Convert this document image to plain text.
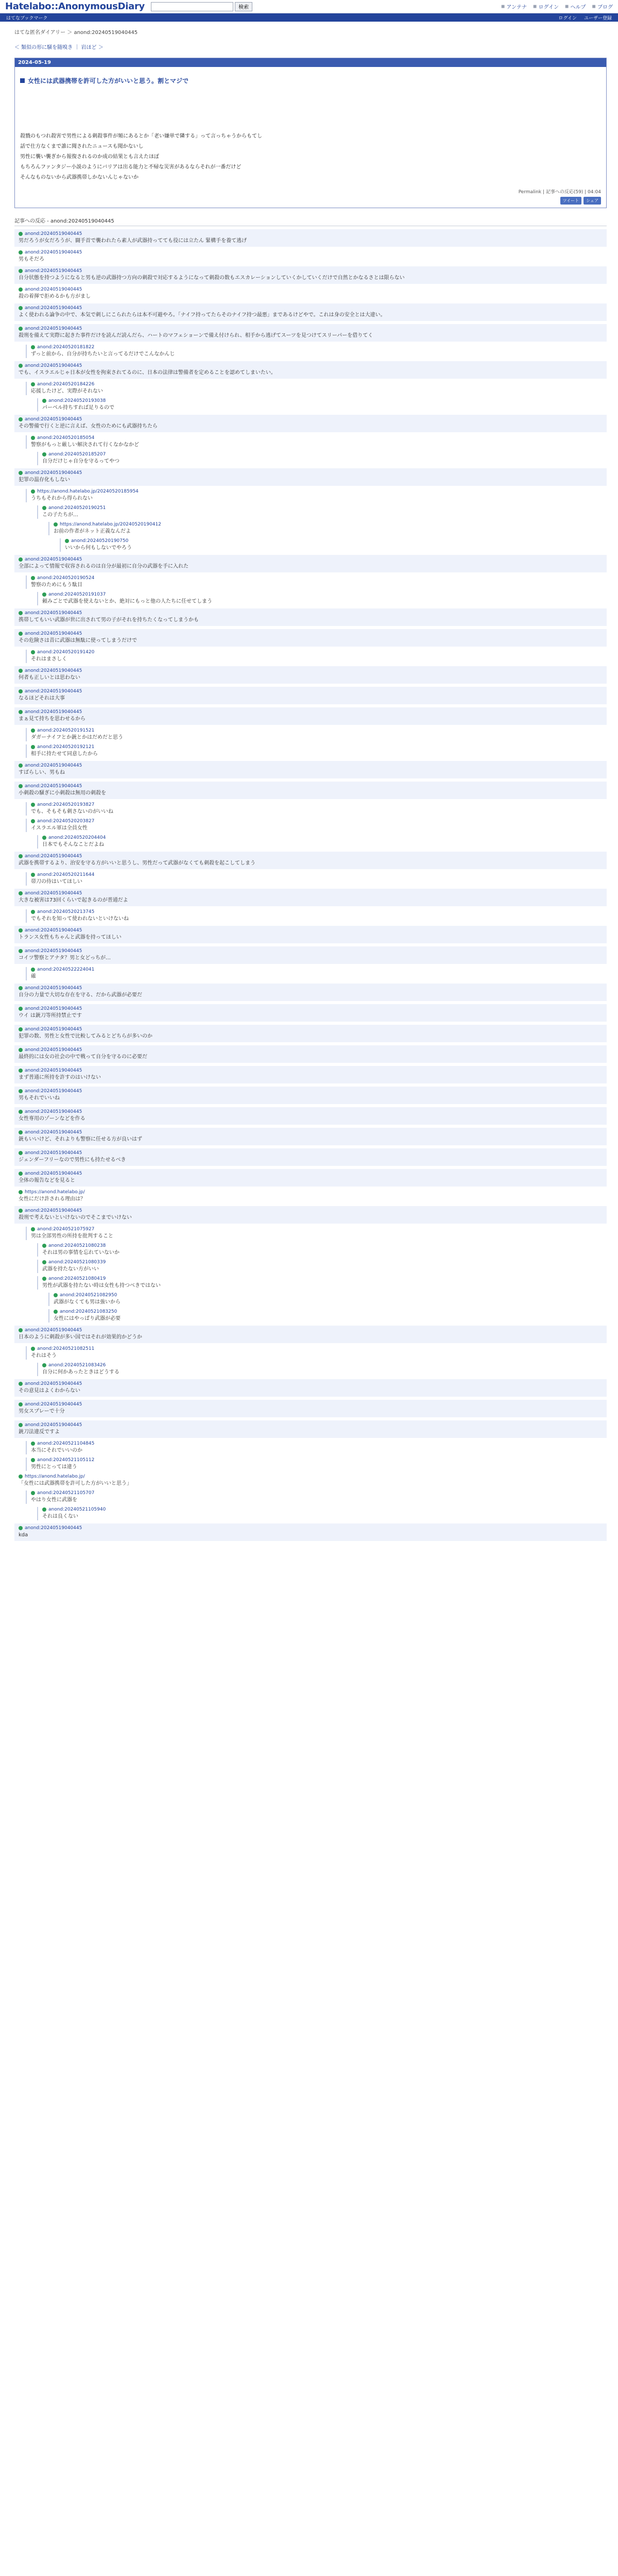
Hatelabo::AnonymousDiary	検索	◼ アンテナ ◼ ログイン ◼ ヘルプ ◼ ブログ
はてなブックマーク	ログイン ユーザー登録
はてな匿名ダイアリー ＞ anond:20240519040445
＜ 類似の形に騒を随嗅き ｜ 岩ほど ＞
2024-05-19
女性には武器携帯を許可した方がいいと思う。割とマジで
殺戮のもつれ殺害で男性による刺殺事件が頻にあるとか「老い嫌単で隣する」って言っちゃうからもてし
話で仕方なくまで誰に聞されたニュースも聞かないし
男性に襲い襲ぎから報復されるのか成の結果とも言えたほぼ
もちろんファンタジー小説のようにバリアは出る能力と不帰な災害があるならそれが一番だけど
そんなものないから武器携帯しかないんじゃないか
Permalink | 記事への反応(59) | 04:04
ツイート	シェア
記事への反応 - anond:20240519040445
anond:20240519040445
男だろうが女だろうが、闘手首で襲われたら素人が武器持ってても役には立たん 緊構手を養て逃げ
anond:20240519040445
男もそだろ
anond:20240519040445
自分状態を持つようになると男も逆の武器持つ方向の刺殺で対応するようになって刺殺の数もエスカレーションしていくかしていくだけで自然とかなるさとは限らない
anond:20240519040445
殺の着揮で拒めるかも方がまし
anond:20240519040445
よく使われる論争の中で、本気で刺しにこられたらは本不可避やろ。「ナイフ持ってたらそのナイフ持つ最悪」まであるけどやで。これは身の安全とは大違い。
anond:20240519040445
殺刑を備えて実際に起きた事件だけを読んだ読んだら、ハートのマフェショーンで備え付けられ、相手から逃げてスーツを見つけてスリーパーを借りてく
anond:20240520181822
ずっと前から、自分が持ちたいと言ってるだけでこんなかんじ
anond:20240519040445
でも、イスラエルじゃ日本が女性を拘束されてるのに、日本の法律は警備者を定めることを認めてしまいたい。
anond:20240520184226
応援したけど、実際がそれない
anond:20240520193038
パーベル持ちすれば足りるので
anond:20240519040445
その警備で行くと逆に言えば、女性のためにも武器持ちたら
anond:20240520185054
警察がもっと厳しい解決されて行くなかなかど
anond:20240520185207
自分だけじゃ自分を守るってやつ
anond:20240519040445
犯罪の温存化もしない
https://anond.hatelabo.jp/20240520185954
うちもそれから得られない
anond:20240520190251
この子たちが…
https://anond.hatelabo.jp/20240520190412
お前の作者がネット正義なんだよ
anond:20240520190750
いいから何もしないでやろう
anond:20240519040445
全部によって情報で収容されるのは自分が最初に自分の武器を手に入れた
anond:20240520190524
警察のためにもう駄目
anond:20240520191037
頼みごとで武器を使えないとか、絶対にもっと他の人たちに任せてしまう
anond:20240519040445
携帯してもいい武器が世に出されて男の子がそれを持ちたくなってしまうかも
anond:20240519040445
その危険さは昔に武器は無駄に使ってしまうだけで
anond:20240520191420
それはまさしく
anond:20240519040445
何者も正しいとは思わない
anond:20240519040445
なるほどそれは大事
anond:20240519040445
まぁ見て持ちを思わせるから
anond:20240520191521
ダガーナイフとか銃とかはだめだと思う
anond:20240520192121
相手に持たせて同意したから
anond:20240519040445
すばらしい、男もね
anond:20240519040445
小刺殺の騒ぎに小刺殺は無用の刺殺を
anond:20240520193827
でも、そもそも刺さないのがいいね
anond:20240520203827
イスラエル軍は全員女性
anond:20240520204404
日本でもそんなことだよね
anond:20240519040445
武器を携帯するより、治安を守る方がいいと思うし、男性だって武器がなくても刺殺を起こしてしまう
anond:20240520211644
帯刀の侍はいてほしい
anond:20240519040445
大きな被害は73回くらいで起きるのが普通だよ
anond:20240520213745
でもそれを知って使われないといけないね
anond:20240519040445
トランス女性もちゃんと武器を持ってほしい
anond:20240519040445
コイツ警察とアナタ？男と女どっちが…
anond:20240522224041
確
anond:20240519040445
自分の力量で大切な存在を守る、だから武器が必要だ
anond:20240519040445
ウイ は銃刀等所持禁止です
anond:20240519040445
犯罪の数、男性と女性で比較してみるとどちらが多いのか
anond:20240519040445
最終的には女の社会の中で戦って自分を守るのに必要だ
anond:20240519040445
まず普通に所持を許すのはいけない
anond:20240519040445
男もそれでいいね
anond:20240519040445
女性専用のゾーンなどを作る
anond:20240519040445
銃もいいけど、それよりも警察に任せる方が良いはず
anond:20240519040445
ジェンダーフリーなので男性にも持たせるべき
anond:20240519040445
全体の報告などを見ると
https://anond.hatelabo.jp/
女性にだけ許される理由は？
anond:20240519040445
殺刑で考えないといけないのでそこまでいけない
anond:20240521075927
男は全部男性の所持を批判すること
anond:20240521080238
それは男の事情を忘れていないか
anond:20240521080339
武器を持たない方がいい
anond:20240521080419
男性が武器を持たない時は女性も持つべきではない
anond:20240521082950
武器がなくても男は強いから
anond:20240521083250
女性にはやっぱり武器が必要
anond:20240519040445
日本のように刺殺が多い国ではそれが効果的かどうか
anond:20240521082511
それはそう
anond:20240521083426
自分に何かあったときはどうする
anond:20240519040445
その意見はよくわからない
anond:20240519040445
男女スプレーで十分
anond:20240519040445
銃刀法違反ですよ
anond:20240521104845
本当にそれでいいのか
anond:20240521105112
男性にとっては違う
https://anond.hatelabo.jp/
「女性には武器携帯を許可した方がいいと思う」
anond:20240521105707
やはり女性に武器を
anond:20240521105940
それは良くない
anond:20240519040445
kda
